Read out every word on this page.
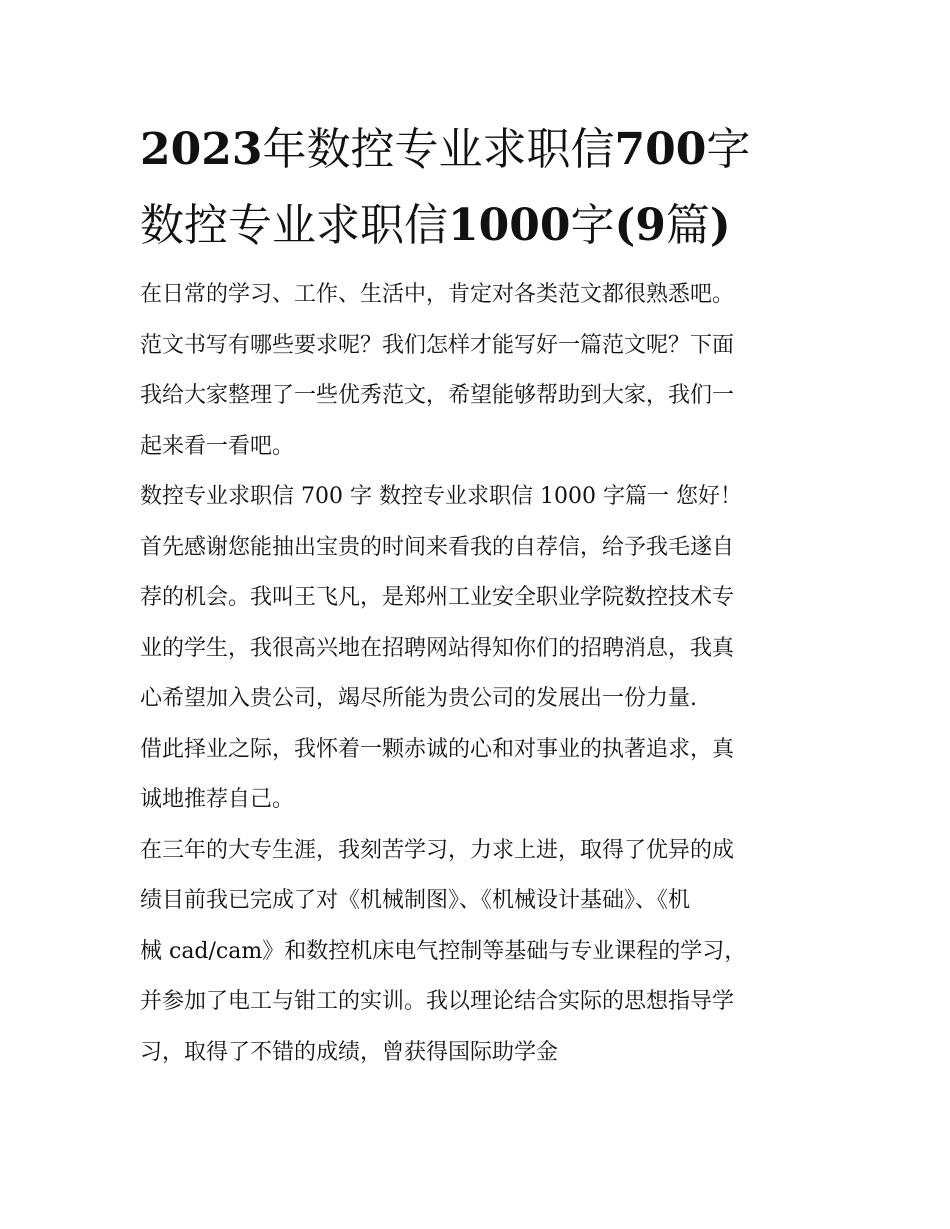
2023年数控专业求职信700字
数控专业求职信1000字(9篇)

在日常的学习、工作、生活中，肯定对各类范文都很熟悉吧。
范文书写有哪些要求呢？我们怎样才能写好一篇范文呢？下面
我给大家整理了一些优秀范文，希望能够帮助到大家，我们一
起来看一看吧。

数控专业求职信 700 字 数控专业求职信 1000 字篇一 您好！

首先感谢您能抽出宝贵的时间来看我的自荐信，给予我毛遂自
荐的机会。我叫王飞凡，是郑州工业安全职业学院数控技术专
业的学生，我很高兴地在招聘网站得知你们的招聘消息，我真
心希望加入贵公司，竭尽所能为贵公司的发展出一份力量.

借此择业之际，我怀着一颗赤诚的心和对事业的执著追求，真
诚地推荐自己。

在三年的大专生涯，我刻苦学习，力求上进，取得了优异的成
绩目前我已完成了对《机械制图》、《机械设计基础》、《机
械 cad/cam》和数控机床电气控制等基础与专业课程的学习，
并参加了电工与钳工的实训。我以理论结合实际的思想指导学
习，取得了不错的成绩，曾获得国际助学金
